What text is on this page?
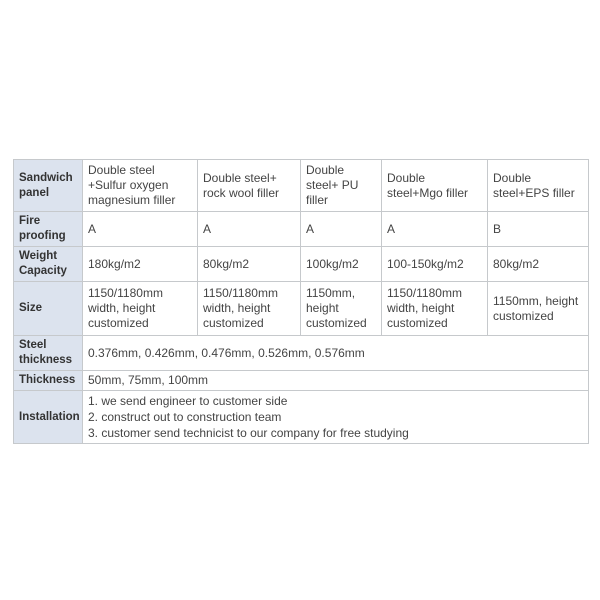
Sandwich panel	Double steel +Sulfur oxygen magnesium filler	Double steel+ rock wool filler	Double steel+ PU filler	Double steel+Mgo filler	Double steel+EPS filler
Fire proofing	A	A	A	A	B
Weight Capacity	180kg/m2	80kg/m2	100kg/m2	100-150kg/m2	80kg/m2
Size	1150/1180mm width, height customized	1150/1180mm width, height customized	1150mm, height customized	1150/1180mm width, height customized	1150mm, height customized
Steel thickness	0.376mm, 0.426mm, 0.476mm, 0.526mm, 0.576mm				
Thickness	50mm, 75mm, 100mm				
Installation	1. we send engineer to customer side
2. construct out to construction team
3. customer send technicist to our company for free studying				
